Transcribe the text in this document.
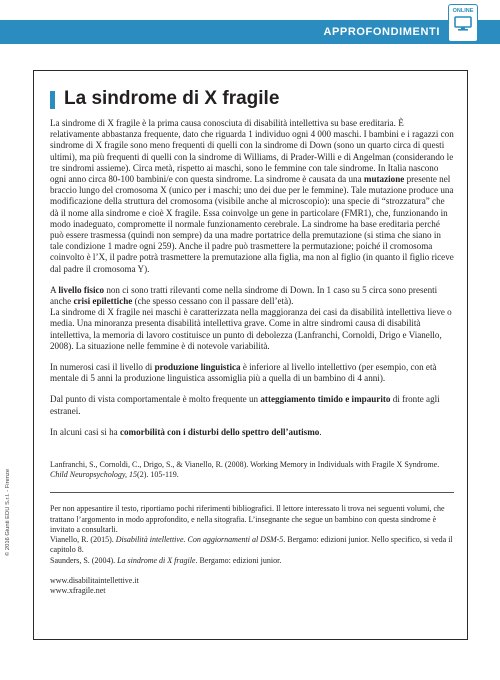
APPROFONDIMENTI
ONLINE
La sindrome di X fragile

La sindrome di X fragile è la prima causa conosciuta di disabilità intellettiva su base ereditaria. È relativamente abbastanza frequente, dato che riguarda 1 individuo ogni 4 000 maschi. I bambini e i ragazzi con sindrome di X fragile sono meno frequenti di quelli con la sindrome di Down (sono un quarto circa di questi ultimi), ma più frequenti di quelli con la sindrome di Williams, di Prader-Willi e di Angelman (considerando le tre sindromi assieme). Circa metà, rispetto ai maschi, sono le femmine con tale sindrome. In Italia nascono ogni anno circa 80-100 bambini/e con questa sindrome. La sindrome è causata da una mutazione presente nel braccio lungo del cromosoma X (unico per i maschi; uno dei due per le femmine). Tale mutazione produce una modificazione della struttura del cromosoma (visibile anche al microscopio): una specie di “strozzatura” che dà il nome alla sindrome e cioè X fragile. Essa coinvolge un gene in particolare (FMR1), che, funzionando in modo inadeguato, compromette il normale funzionamento cerebrale. La sindrome ha base ereditaria perché può essere trasmessa (quindi non sempre) da una madre portatrice della premutazione (si stima che siano in tale condizione 1 madre ogni 259). Anche il padre può trasmettere la permutazione; poiché il cromosoma coinvolto è l’X, il padre potrà trasmettere la premutazione alla figlia, ma non al figlio (in quanto il figlio riceve dal padre il cromosoma Y).

A livello fisico non ci sono tratti rilevanti come nella sindrome di Down. In 1 caso su 5 circa sono presenti anche crisi epilettiche (che spesso cessano con il passare dell’età).

La sindrome di X fragile nei maschi è caratterizzata nella maggioranza dei casi da disabilità intellettiva lieve o media. Una minoranza presenta disabilità intellettiva grave. Come in altre sindromi causa di disabilità intellettiva, la memoria di lavoro costituisce un punto di debolezza (Lanfranchi, Cornoldi, Drigo e Vianello, 2008). La situazione nelle femmine è di notevole variabilità.

In numerosi casi il livello di produzione linguistica è inferiore al livello intellettivo (per esempio, con età mentale di 5 anni la produzione linguistica assomiglia più a quella di un bambino di 4 anni).

Dal punto di vista comportamentale è molto frequente un atteggiamento timido e impaurito di fronte agli estranei.

In alcuni casi si ha comorbilità con i disturbi dello spettro dell’autismo.

Lanfranchi, S., Cornoldi, C., Drigo, S., & Vianello, R. (2008). Working Memory in Individuals with Fragile X Syndrome. Child Neuropsychology, 15(2). 105-119.

Per non appesantire il testo, riportiamo pochi riferimenti bibliografici. Il lettore interessato li trova nei seguenti volumi, che trattano l’argomento in modo approfondito, e nella sitografia. L’insegnante che segue un bambino con questa sindrome è invitato a consultarli.

Vianello, R. (2015). Disabilità intellettive. Con aggiornamenti al DSM-5. Bergamo: edizioni junior. Nello specifico, si veda il capitolo 8.

Saunders, S. (2004). La sindrome di X fragile. Bergamo: edizioni junior.

www.disabilitaintellettive.it

www.xfragile.net

© 2016 Giunti EDU S.r.l. - Firenze
